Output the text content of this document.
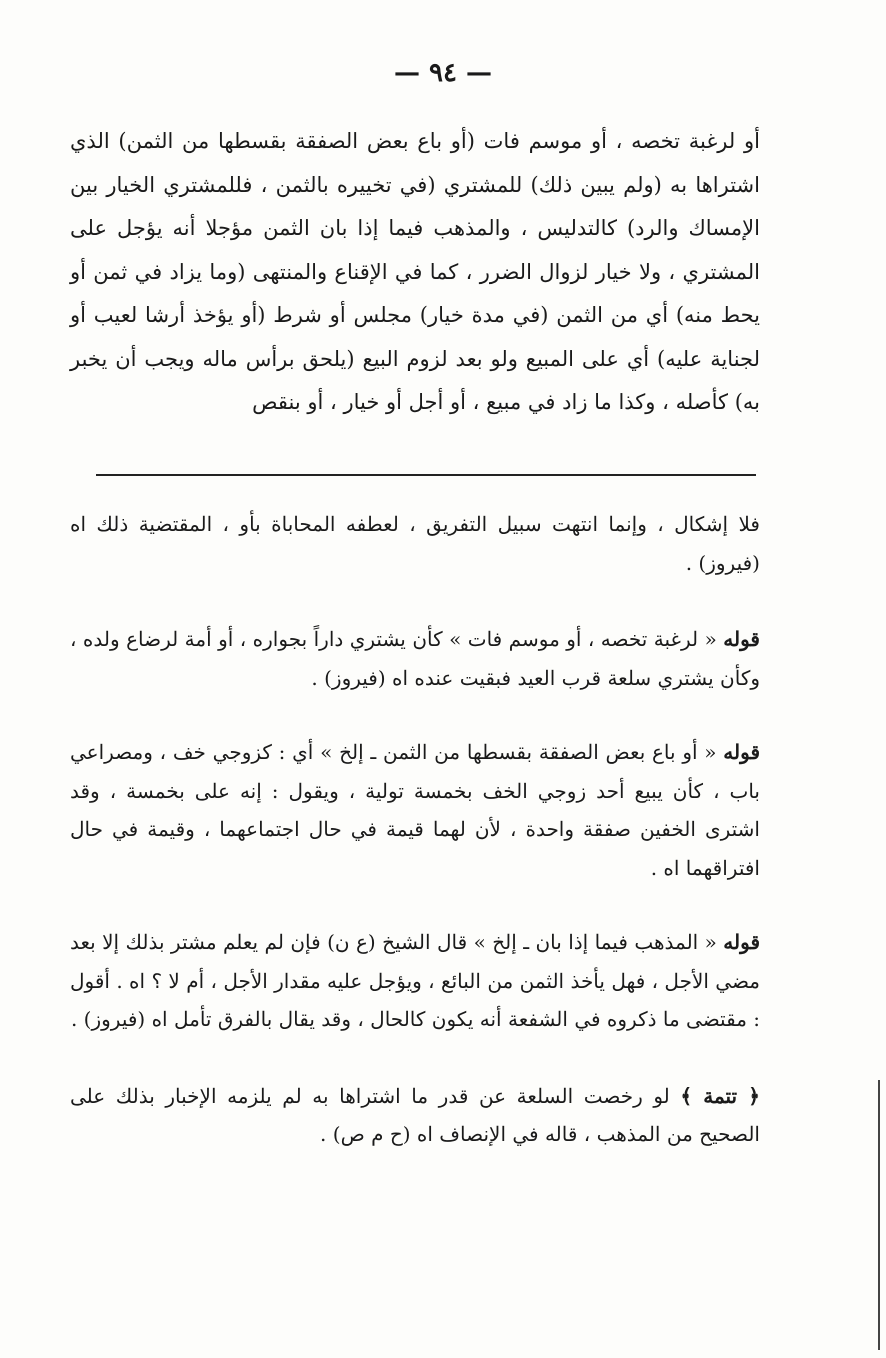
— ٩٤ —

أو لرغبة تخصه ، أو موسم فات (أو باع بعض الصفقة بقسطها من الثمن) الذي اشتراها به (ولم يبين ذلك) للمشتري (في تخييره بالثمن ، فللمشتري الخيار بين الإمساك والرد) كالتدليس ، والمذهب فيما إذا بان الثمن مؤجلا أنه يؤجل على المشتري ، ولا خيار لزوال الضرر ، كما في الإقناع والمنتهى (وما يزاد في ثمن أو يحط منه) أي من الثمن (في مدة خيار) مجلس أو شرط (أو يؤخذ أرشا لعيب أو لجناية عليه) أي على المبيع ولو بعد لزوم البيع (يلحق برأس ماله ويجب أن يخبر به) كأصله ، وكذا ما زاد في مبيع ، أو أجل أو خيار ، أو بنقص

فلا إشكال ، وإنما انتهت سبيل التفريق ، لعطفه المحاباة بأو ، المقتضية ذلك اه (فيروز) .

قوله « لرغبة تخصه ، أو موسم فات » كأن يشتري داراً بجواره ، أو أمة لرضاع ولده ، وكأن يشتري سلعة قرب العيد فبقيت عنده اه (فيروز) .

قوله « أو باع بعض الصفقة بقسطها من الثمن ـ إلخ » أي : كزوجي خف ، ومصراعي باب ، كأن يبيع أحد زوجي الخف بخمسة تولية ، ويقول : إنه على بخمسة ، وقد اشترى الخفين صفقة واحدة ، لأن لهما قيمة في حال اجتماعهما ، وقيمة في حال افتراقهما اه .

قوله « المذهب فيما إذا بان ـ إلخ » قال الشيخ (ع ن) فإن لم يعلم مشتر بذلك إلا بعد مضي الأجل ، فهل يأخذ الثمن من البائع ، ويؤجل عليه مقدار الأجل ، أم لا ؟ اه . أقول : مقتضى ما ذكروه في الشفعة أنه يكون كالحال ، وقد يقال بالفرق تأمل اه (فيروز) .

﴿ تتمة ﴾ لو رخصت السلعة عن قدر ما اشتراها به لم يلزمه الإخبار بذلك على الصحيح من المذهب ، قاله في الإنصاف اه (ح م ص) .
